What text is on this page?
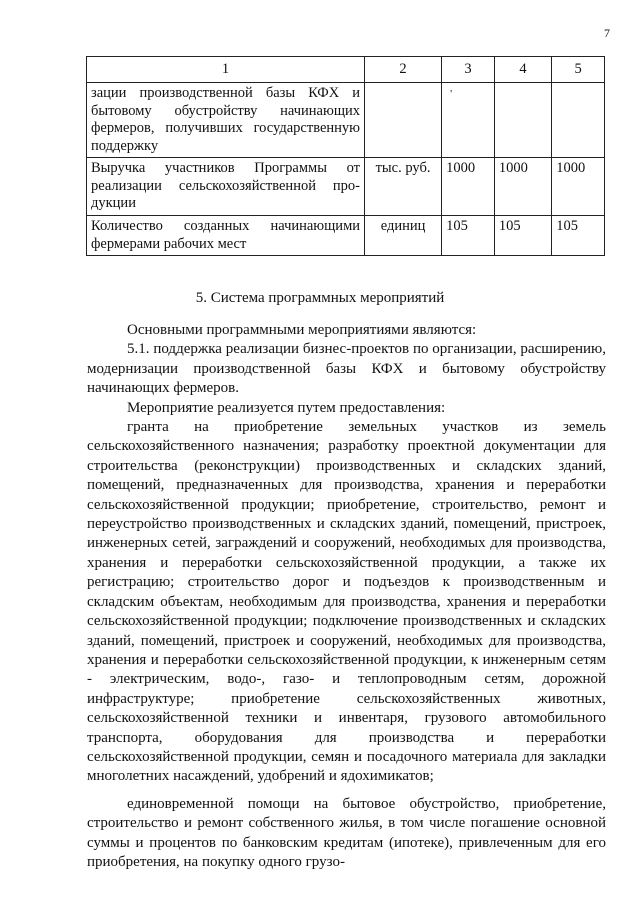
7
1	2	3	4	5
зации производственной базы КФХ и бытовому обустройству начинающих фермеров, получивших государственную поддержку		'		
Выручка участников Программы от реализации сельскохозяйственной про-дукции	тыс. руб.	1000	1000	1000
Количество созданных начинающими фермерами рабочих мест	единиц	105	105	105
5. Система программных мероприятий

Основными программными мероприятиями являются:

5.1. поддержка реализации бизнес-проектов по организации, расширению, модернизации производственной базы КФХ и бытовому обустройству начинающих фермеров.

Мероприятие реализуется путем предоставления:

гранта на приобретение земельных участков из земель сельскохозяйственного назначения; разработку проектной документации для строительства (реконструкции) производственных и складских зданий, помещений, предназначенных для производства, хранения и переработки сельскохозяйственной продукции; приобретение, строительство, ремонт и переустройство производственных и складских зданий, помещений, пристроек, инженерных сетей, заграждений и сооружений, необходимых для производства, хранения и переработки сельскохозяйственной продукции, а также их регистрацию; строительство дорог и подъездов к производственным и складским объектам, необходимым для производства, хранения и переработки сельскохозяйственной продукции; подключение производственных и складских зданий, помещений, пристроек и сооружений, необходимых для производства, хранения и переработки сельскохозяйственной продукции, к инженерным сетям - электрическим, водо-, газо- и теплопроводным сетям, дорожной инфраструктуре; приобретение сельскохозяйственных животных, сельскохозяйственной техники и инвентаря, грузового автомобильного транспорта, оборудования для производства и переработки сельскохозяйственной продукции, семян и посадочного материала для закладки многолетних насаждений, удобрений и ядохимикатов;

единовременной помощи на бытовое обустройство, приобретение, строительство и ремонт собственного жилья, в том числе погашение основной суммы и процентов по банковским кредитам (ипотеке), привлеченным для его приобретения, на покупку одного грузо-
